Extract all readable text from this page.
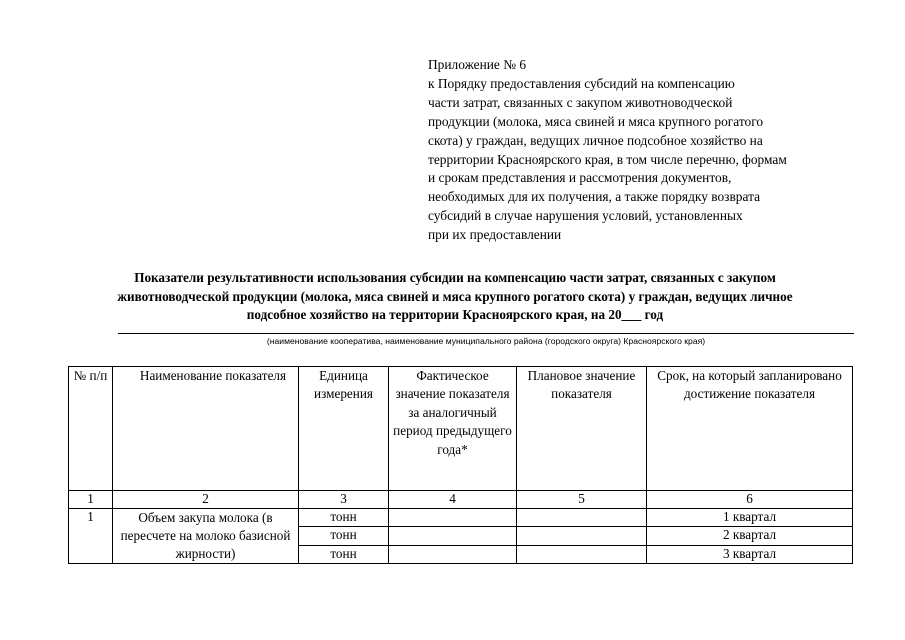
Приложение № 6
к Порядку предоставления субсидий на компенсацию
части затрат, связанных с закупом животноводческой
продукции (молока, мяса свиней и мяса крупного рогатого
скота) у граждан, ведущих личное подсобное хозяйство на
территории Красноярского края, в том числе перечню, формам
и срокам представления и рассмотрения документов,
необходимых для их получения, а также порядку возврата
субсидий в случае нарушения условий, установленных
при их предоставлении
Показатели результативности использования субсидии на компенсацию части затрат, связанных с закупом
животноводческой продукции (молока, мяса свиней и мяса крупного рогатого скота) у граждан, ведущих личное
подсобное хозяйство на территории Красноярского края, на 20___ год
(наименование кооператива, наименование муниципального района (городского округа) Красноярского края)
№ п/п	Наименование показателя	Единица измерения	Фактическое значение показателя за аналогичный период предыдущего года*	Плановое значение показателя	Срок, на который запланировано достижение показателя
1	2	3	4	5	6
1	Объем закупа молока (в пересчете на молоко базисной жирности)	тонн			1 квартал
		тонн			2 квартал
		тонн			3 квартал
